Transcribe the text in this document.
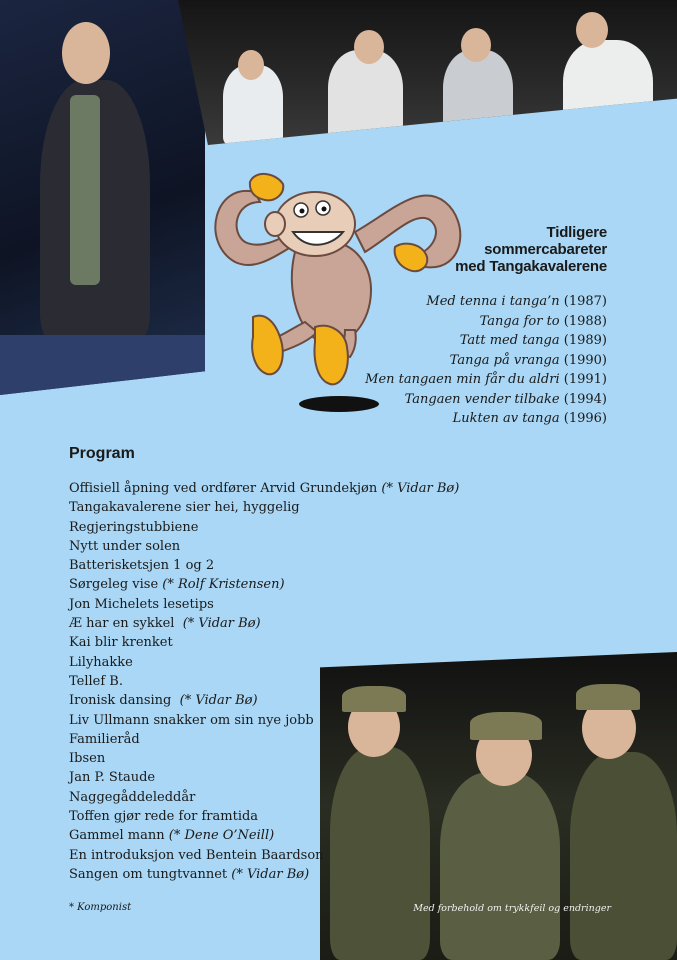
Tidligere
sommercabareter
med Tangakavalerene
Med tenna i tanga’n (1987)
Tanga for to (1988)
Tatt med tanga (1989)
Tanga på vranga (1990)
Men tangaen min får du aldri (1991)
Tangaen vender tilbake (1994)
Lukten av tanga (1996)
Program
Offisiell åpning ved ordfører Arvid Grundekjøn (* Vidar Bø)
Tangakavalerene sier hei, hyggelig
Regjeringstubbiene
Nytt under solen
Batterisketsjen 1 og 2
Sørgeleg vise (* Rolf Kristensen)
Jon Michelets lesetips
Æ har en sykkel (* Vidar Bø)
Kai blir krenket
Lilyhakke
Tellef B.
Ironisk dansing (* Vidar Bø)
Liv Ullmann snakker om sin nye jobb
Familieråd
Ibsen
Jan P. Staude
Naggegåddeleddår
Toffen gjør rede for framtida
Gammel mann (* Dene O’Neill)
En introduksjon ved Bentein Baardson
Sangen om tungtvannet (* Vidar Bø)
* Komponist	Med forbehold om trykkfeil og endringer
